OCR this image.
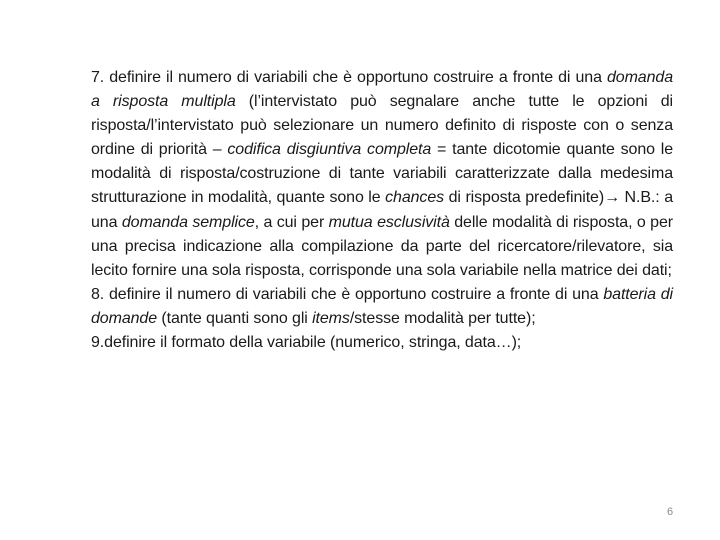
7. definire il numero di variabili che è opportuno costruire a fronte di una domanda a risposta multipla (l’intervistato può segnalare anche tutte le opzioni di risposta/l’intervistato può selezionare un numero definito di risposte con o senza ordine di priorità – codifica disgiuntiva completa = tante dicotomie quante sono le modalità di risposta/costruzione di tante variabili caratterizzate dalla medesima strutturazione in modalità, quante sono le chances di risposta predefinite)→ N.B.: a una domanda semplice, a cui per mutua esclusività delle modalità di risposta, o per una precisa indicazione alla compilazione da parte del ricercatore/rilevatore, sia lecito fornire una sola risposta, corrisponde una sola variabile nella matrice dei dati;

8. definire il numero di variabili che è opportuno costruire a fronte di una batteria di domande (tante quanti sono gli items/stesse modalità per tutte);

9.definire il formato della variabile (numerico, stringa, data…);

6
